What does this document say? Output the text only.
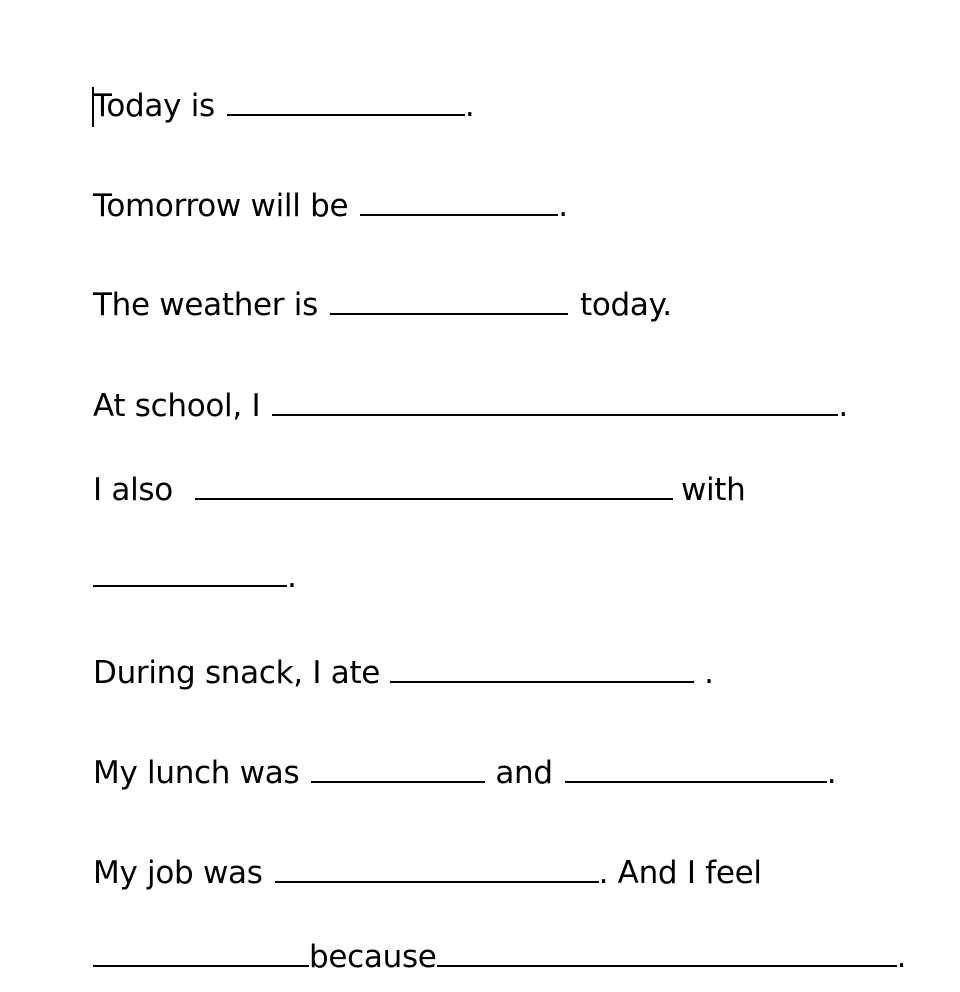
Today is	.
Tomorrow will be	.
The weather is	today.
At school, I	.
I also	with
.
During snack, I ate	.
My lunch was	and	.
My job was	. And I feel
because	.
